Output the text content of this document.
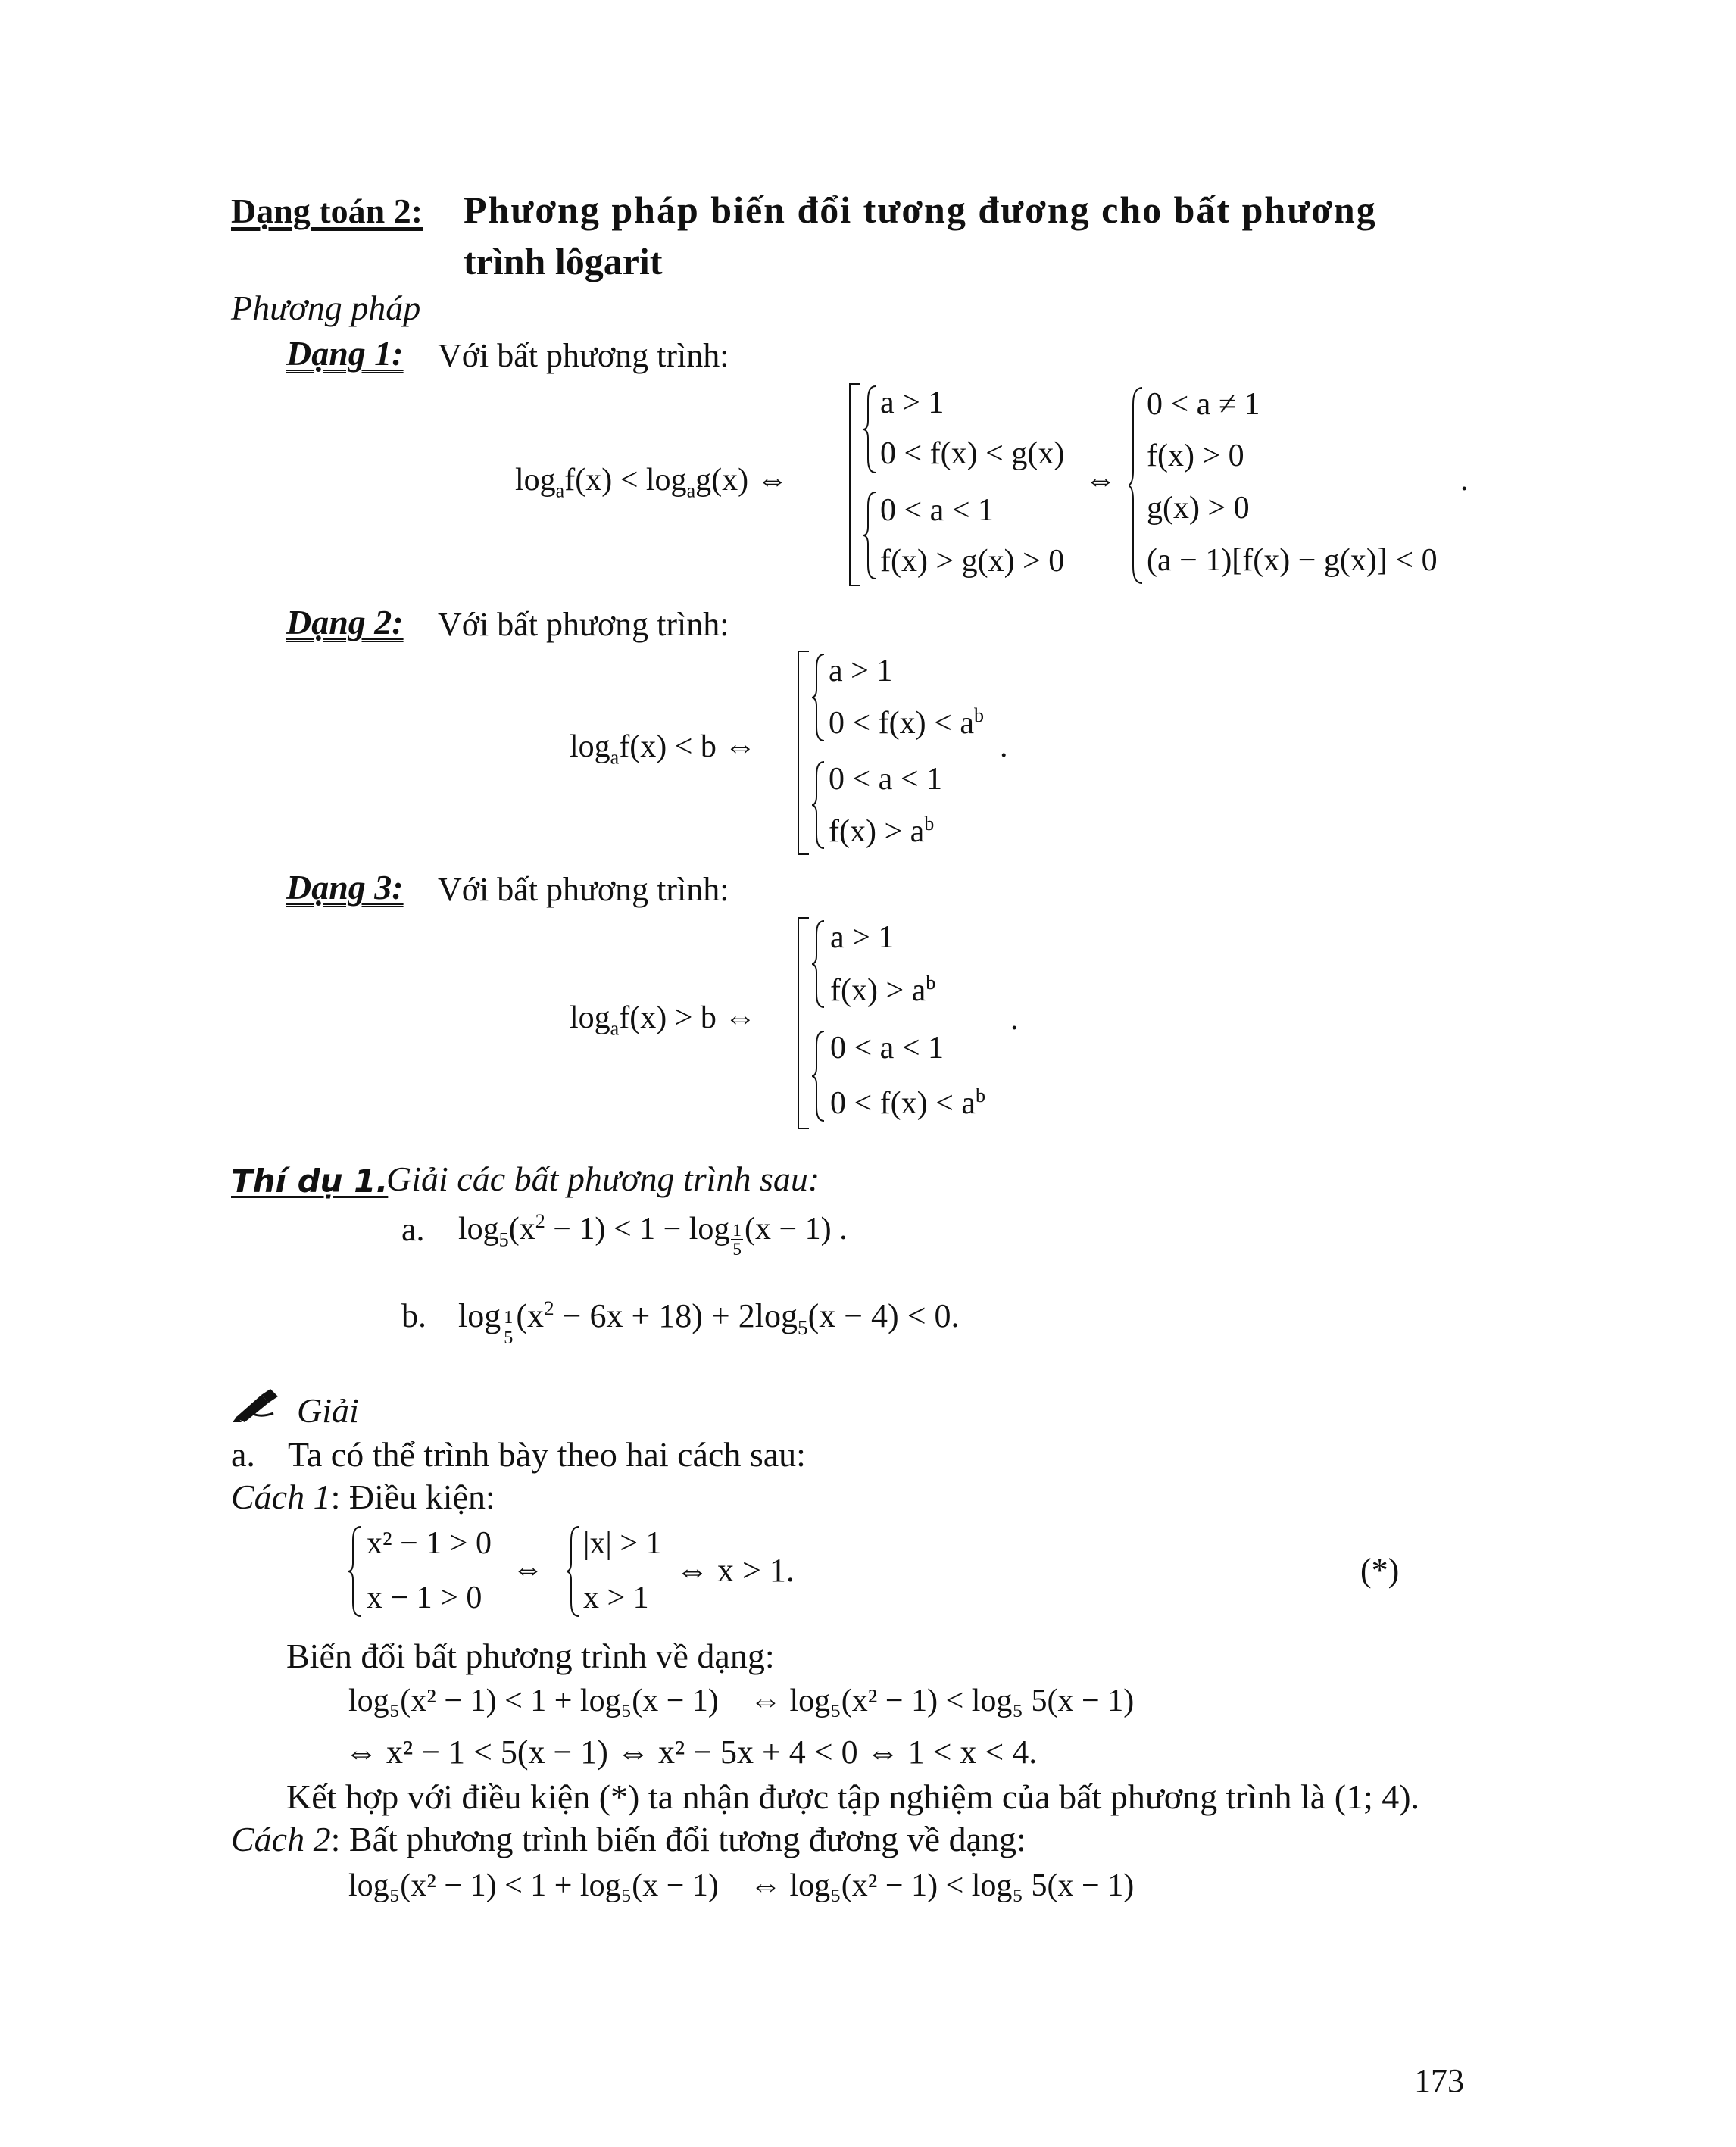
Dạng toán 2: Phương pháp biến đổi tương đương cho bất phương
trình lôgarit
Phương pháp
Dạng 1: Với bất phương trình:
$\log_af(x) < \log_ag(x)$ ⇔
a > 1
0 < f(x) < g(x)
0 < a < 1
f(x) > g(x) > 0
⇔
0 < a ≠ 1
f(x) > 0
g(x) > 0
(a − 1)[f(x) − g(x)] < 0
.
Dạng 2: Với bất phương trình:
$\log_af(x) < b$ ⇔
a > 1
$0 < f(x) < a^b$
0 < a < 1
$f(x) > a^b$
.
Dạng 3: Với bất phương trình:
$\log_af(x) > b$ ⇔
a > 1
$f(x) > a^b$
0 < a < 1
$0 < f(x) < a^b$
.
Thí dụ 1.
Giải các bất phương trình sau:
a. $\log_5(x^2 - 1) < 1 - \log \frac{1}{5} (x - 1)$ .
b. $\log \frac{1}{5} (x^2 - 6x + 18) + 2\log_5(x - 4) < 0$.
Giải
a. Ta có thể trình bày theo hai cách sau:
Cách 1: Điều kiện:
x² − 1 > 0
x − 1 > 0
⇔
|x| > 1
x > 1
⇔ x > 1.	(*)
Biến đổi bất phương trình về dạng:
log₅(x² − 1) < 1 + log₅(x − 1) ⇔ log₅(x² − 1) < log₅ 5(x − 1)
⇔ x² − 1 < 5(x − 1) ⇔ x² − 5x + 4 < 0 ⇔ 1 < x < 4.
Kết hợp với điều kiện (*) ta nhận được tập nghiệm của bất phương trình là (1; 4).
Cách 2: Bất phương trình biến đổi tương đương về dạng:
log₅(x² − 1) < 1 + log₅(x − 1) ⇔ log₅(x² − 1) < log₅ 5(x − 1)
173
